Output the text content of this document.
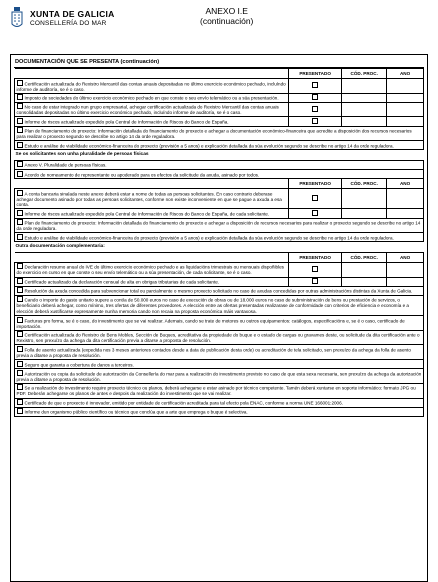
XUNTA DE GALICIA
CONSELLERÍA DO MAR
ANEXO I.E
(continuación)
DOCUMENTACIÓN QUE SE PRESENTA (continuación)
	PRESENTADO	CÓD. PROC.	ANO
Certificación actualizada do Rexistro Mercantil das contas anuais depositadas no último exercicio económico pechado, incluíndo informe de auditoría, se é o caso.			
Imposto de sociedades do último exercicio económico pechado en que conste o seu envío telemático ou a súa presentación.			
No caso de estar integrado nun grupo empresarial, achegar certificación actualizada do Rexistro Mercantil das contas anuais consolidadas depositadas no último exercicio económico pechado, incluíndo informe de auditoría, se é o caso.			
Informe de riscos actualizado expedido pola Central de Información de Riscos do Banco de España.			
Plan de financiamento do proxecto: Información detallada do financiamento do proxecto e achegar a documentación económico-financeira que acredite a disposición dos recursos necesarios para realizar o proxecto segundo se describe no artigo 14 da orde reguladora.			
Estudo e análise de viabilidade económico-financeira do proxecto (previsión a 5 anos) e explicación detallada da súa evolución segundo se describe no artigo 14 da orde reguladora.			
Se os solicitantes son unha pluralidade de persoas físicas			
Anexo V. Pluralidade de persoas físicas.			
Acordo de nomeamento de representante ou apoderado para os efectos da solicitude da axuda, asinado por todos.			
	PRESENTADO	CÓD. PROC.	ANO
A conta bancaria sinalada neste anexo deberá estar a nome de todas as persoas solicitantes. En caso contrario deberase achegar documento asinado por todas as persoas solicitantes, conforme non existe inconveniente en que se pague a axuda a esa conta.			
Informe de riscos actualizado expedido pola Central de Información de Riscos do Banco de España, de cada solicitante.			
Plan de financiamento do proxecto: Información detallada do financiamento do proxecto e achegar a disposición de recursos necesarios para realizar o proxecto segundo se describe no artigo 14 da orde reguladora.			
Estudo e análise de viabilidade económico-financeira do proxecto (previsión a 5 anos) e explicación detallada da súa evolución segundo se describe no artigo 14 da orde reguladora.			
Outra documentación complementaria:			
	PRESENTADO	CÓD. PROC.	ANO
Declaración resumo anual do IVE do último exercicio económico pechado e as liquidacións trimestrais ou mensuais dispoñibles do exercicio en curso en que conste o seu envío telemático ou a súa presentación, de cada solicitante, se é o caso.			
Certificado actualizado da declaración censual de alta en obrigas tributarias de cada solicitante.			
Resolución da axuda concedida para subvencionar total ou parcialmente o mesmo proxecto solicitado no caso de axudas concedidas por outras administracións distintas da Xunta de Galicia.			
Cando o importe do gasto unitario supere a contía de 50.000 euros no caso de execución de obras ou de 18.000 euros no caso de subministración de bens ou prestación de servizos, o beneficiario deberá achegar, como mínimo, tres ofertas de diferentes provedores. A elección entre as ofertas presentadas realizarase de conformidade con criterios de eficiencia e economía e a elección deberá xustificarse expresamente nunha memoria cando non recaia na proposta económica máis vantaxosa.			
Facturas pro forma, se é o caso, do investimento que se vai realizar. Ademais, cando se trate de motores ou outros equipamentos: catálogos, especificacións e, se é o caso, certificado de importación.			
Certificación actualizada do Rexistro de Bens Mobles, Sección de Buques, acreditativa da propiedade do buque e o estado de cargas ou gravames deste, ou solicitude da dita certificación ante o Rexistro, sen prexuízo da achega da dita certificación previa a ditarse a proposta de resolución.			
Folla de asento actualizada (expedida nos 3 meses anteriores contados desde a data de publicación desta orde) ou acreditación de tela solicitado, sen prexuízo da achega da folla de asento previa a ditarse a proposta de resolución.			
Seguro que garanta a cobertura de danos a terceiros.			
Autorización ou copia da solicitude de autorización da Consellería do mar para a realización do investimento previsto no caso de que esta sexa necesaria, sen prexuízo da achega da autorización previa a ditarse a proposta de resolución.			
Se a realización do investimento require proxecto técnico ou planos, deberá achegarse e estar asinado por técnico competente. Tamén deberá xuntarse en soporte informático: formato JPG ou PDF. Deberán achegarse os planos de antes e despois da realización do investimento que se vai realizar.			
Certificado de que o proxecto é innovador, emitido por entidade de certificación acreditada para tal efecto pola ENAC, conforme a norma UNE 166001:2006.			
Informe dun organismo público científico ou técnico que conclúa que a arte que emprega o buque é selectiva.			
